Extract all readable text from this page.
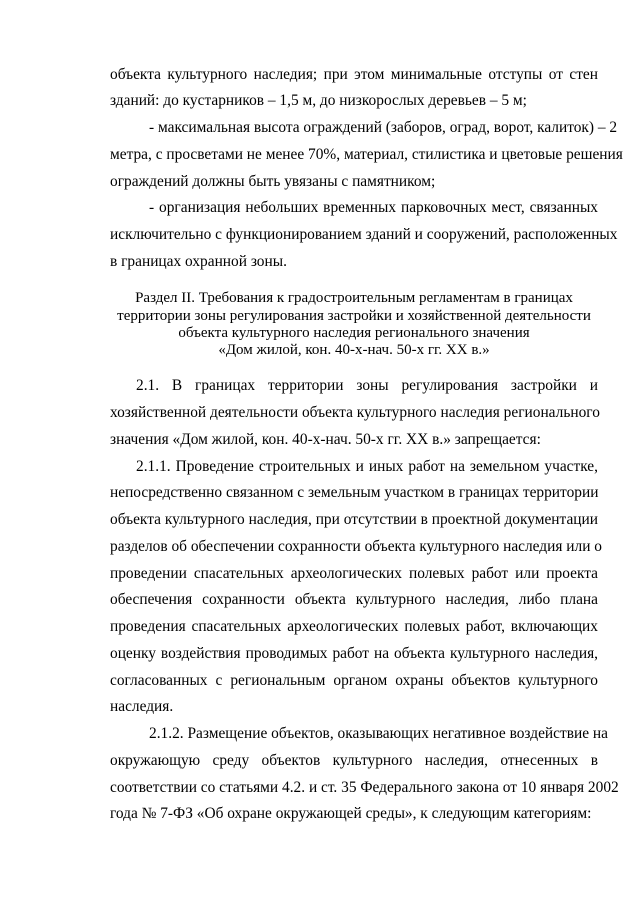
объекта культурного наследия; при этом минимальные отступы от стен
зданий: до кустарников – 1,5 м, до низкорослых деревьев – 5 м;
- максимальная высота ограждений (заборов, оград, ворот, калиток) – 2
метра, с просветами не менее 70%, материал, стилистика и цветовые решения
ограждений должны быть увязаны с памятником;
- организация небольших временных парковочных мест, связанных
исключительно с функционированием зданий и сооружений, расположенных
в границах охранной зоны.
Раздел II. Требования к градостроительным регламентам в границах
территории зоны регулирования застройки и хозяйственной деятельности
объекта культурного наследия регионального значения
«Дом жилой, кон. 40-х-нач. 50-х гг. XX в.»
2.1. В границах территории зоны регулирования застройки и
хозяйственной деятельности объекта культурного наследия регионального
значения «Дом жилой, кон. 40-х-нач. 50-х гг. XX в.» запрещается:
2.1.1. Проведение строительных и иных работ на земельном участке,
непосредственно связанном с земельным участком в границах территории
объекта культурного наследия, при отсутствии в проектной документации
разделов об обеспечении сохранности объекта культурного наследия или о
проведении спасательных археологических полевых работ или проекта
обеспечения сохранности объекта культурного наследия, либо плана
проведения спасательных археологических полевых работ, включающих
оценку воздействия проводимых работ на объекта культурного наследия,
согласованных с региональным органом охраны объектов культурного
наследия.
2.1.2. Размещение объектов, оказывающих негативное воздействие на
окружающую среду объектов культурного наследия, отнесенных в
соответствии со статьями 4.2. и ст. 35 Федерального закона от 10 января 2002
года № 7-ФЗ «Об охране окружающей среды», к следующим категориям:
